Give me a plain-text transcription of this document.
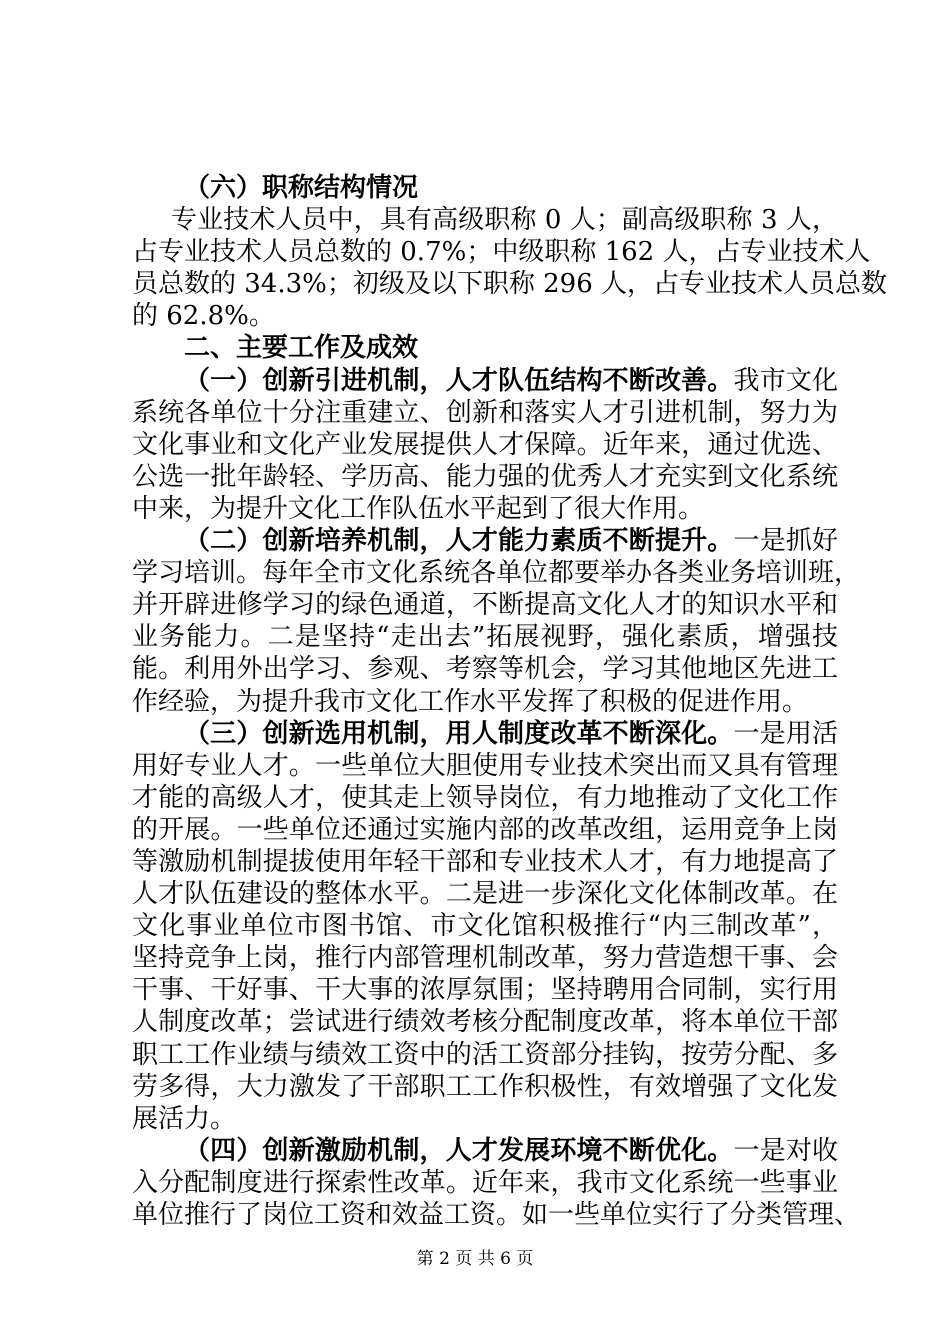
（六）职称结构情况
专业技术人员中，具有高级职称 0 人；副高级职称 3 人，
占专业技术人员总数的 0.7%；中级职称 162 人，占专业技术人
员总数的 34.3%；初级及以下职称 296 人，占专业技术人员总数
的 62.8%。
二、主要工作及成效
（一）创新引进机制，人才队伍结构不断改善。我市文化
系统各单位十分注重建立、创新和落实人才引进机制，努力为
文化事业和文化产业发展提供人才保障。近年来，通过优选、
公选一批年龄轻、学历高、能力强的优秀人才充实到文化系统
中来，为提升文化工作队伍水平起到了很大作用。
（二）创新培养机制，人才能力素质不断提升。一是抓好
学习培训。每年全市文化系统各单位都要举办各类业务培训班，
并开辟进修学习的绿色通道，不断提高文化人才的知识水平和
业务能力。二是坚持“走出去”拓展视野，强化素质，增强技
能。利用外出学习、参观、考察等机会，学习其他地区先进工
作经验，为提升我市文化工作水平发挥了积极的促进作用。
（三）创新选用机制，用人制度改革不断深化。一是用活
用好专业人才。一些单位大胆使用专业技术突出而又具有管理
才能的高级人才，使其走上领导岗位，有力地推动了文化工作
的开展。一些单位还通过实施内部的改革改组，运用竞争上岗
等激励机制提拔使用年轻干部和专业技术人才，有力地提高了
人才队伍建设的整体水平。二是进一步深化文化体制改革。在
文化事业单位市图书馆、市文化馆积极推行“内三制改革”，
坚持竞争上岗，推行内部管理机制改革，努力营造想干事、会
干事、干好事、干大事的浓厚氛围；坚持聘用合同制，实行用
人制度改革；尝试进行绩效考核分配制度改革，将本单位干部
职工工作业绩与绩效工资中的活工资部分挂钩，按劳分配、多
劳多得，大力激发了干部职工工作积极性，有效增强了文化发
展活力。
（四）创新激励机制，人才发展环境不断优化。一是对收
入分配制度进行探索性改革。近年来，我市文化系统一些事业
单位推行了岗位工资和效益工资。如一些单位实行了分类管理、
第 2 页 共 6 页
